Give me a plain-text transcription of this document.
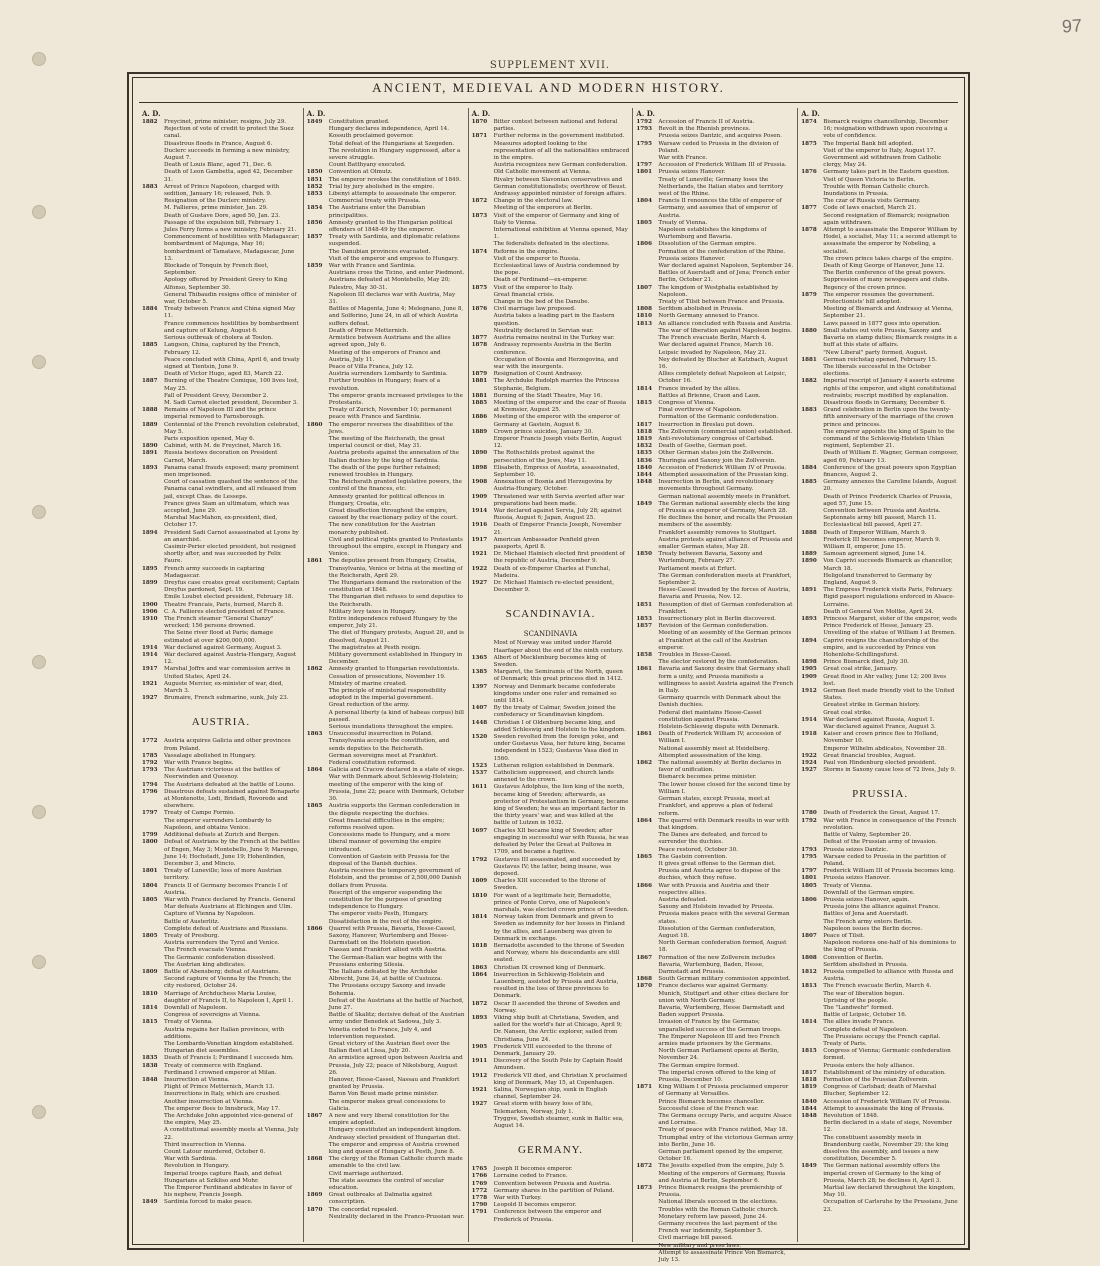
97
SUPPLEMENT XVII.
ANCIENT, MEDIEVAL AND MODERN HISTORY.
A. D.
1882	Freycinet, prime minister; resigns, July 29.
Rejection of vote of credit to protect the Suez canal.
Disastrous floods in France, August 6.
Duclerc succeeds in forming a new ministry, August 7.
Death of Louis Blanc, aged 71, Dec. 6.
Death of Leon Gambetta, aged 42, December 31.
1883	Arrest of Prince Napoleon, charged with sedition, January 16; released, Feb. 9.
Resignation of the Duclerc ministry.
M. Fallieres, prime minister, Jan. 29.
Death of Gustave Dore, aged 50, Jan. 23.
Passage of the expulsion bill, February 1.
Jules Ferry forms a new ministry, February 21.
Commencement of hostilities with Madagascar; bombardment of Majunga, May 16; bombardment of Tamatave, Madagascar, June 13.
Blockade of Tonquin by French fleet, September.
Apology offered by President Grevy to King Alfonso, September 30.
General Thibaudin resigns office of minister of war, October 5.
1884	Treaty between France and China signed May 11.
France commences hostilities by bombardment and capture of Kelung, August 6.
Serious outbreak of cholera at Toulon.
1885	Langson, China, captured by the French, February 12.
Peace concluded with China, April 6, and treaty signed at Tientsin, June 9.
Death of Victor Hugo, aged 83, March 22.
1887	Burning of the Theatre Comique, 100 lives lost, May 25.
Fall of President Grevy, December 2.
M. Sadi Carnot elected president, December 3.
1888	Remains of Napoleon III and the prince imperial removed to Farnsborough.
1889	Centennial of the French revolution celebrated, May 5.
Paris exposition opened, May 6.
1890	Cabinet, with M. de Freycinet, March 16.
1891	Russia bestows decoration on President Carnot, March.
1893	Panama canal frauds exposed; many prominent men imprisoned.
Court of cassation quashed the sentence of the Panama canal swindlers, and all released from jail, except Chas. de Lesseps.
France gives Siam an ultimatum, which was accepted, June 29.
Marshal MacMahon, ex-president, died, October 17.
1894	President Sadi Carnot assassinated at Lyons by an anarchist.
Casimir-Perier elected president, but resigned shortly after, and was succeeded by Felix Faure.
1895	French army succeeds in capturing Madagascar.
1899	Dreyfus case creates great excitement; Captain Dreyfus pardoned, Sept. 19.
Emile Loubet elected president, February 18.
1900	Theatre Francais, Paris, burned, March 8.
1906	C. A. Fallieres elected president of France.
1910	The French steamer "General Chanzy" wrecked; 156 persons drowned.
The Seine river flood at Paris; damage estimated at over $200,000,000.
1914	War declared against Germany, August 3.
1914	War declared against Austria-Hungary, August 12.
1917	Marshal Joffre and war commission arrive in United States, April 24.
1921	Auguste Mercier, ex-minister of war, died, March 3.
1927	Brumaire, French submarine, sunk, July 23.
AUSTRIA.
1772	Austria acquires Galicia and other provinces from Poland.
1785	Vassalage abolished in Hungary.
1792	War with France begins.
1793	The Austrians victorious at the battles of Neerwinden and Quesnoy.
1794	The Austrians defeated at the battle of Louno.
1796	Disastrous defeats sustained against Bonaparte at Montenotte, Lodi, Bridadi, Rovoredo and elsewhere.
1797	Treaty of Campo Formio.
The emperor surrenders Lombardy to Napoleon, and obtains Venice.
1799	Additional defeats at Zurich and Bergen.
1800	Defeat of Austrians by the French at the battles of Engen, May 3; Montebello, June 9; Marengo, June 14; Hochstadt, June 19; Hohenlinden, December 3, and Mincio.
1801	Treaty of Luneville; loss of more Austrian territory.
1804	Francis II of Germany becomes Francis I of Austria.
1805	War with France declared by Francis. General Mar defeats Austrians at Elchingen and Ulm.
Capture of Vienna by Napoleon.
Battle of Austerlitz.
Complete defeat of Austrians and Russians.
1805	Treaty of Presburg.
Austria surrenders the Tyrol and Venice.
The French evacuate Vienna.
The Germanic confederation dissolved.
The Austrian king abdicates.
1809	Battle of Abensberg; defeat of Austrians.
Second capture of Vienna by the French; the city restored, October 24.
1810	Marriage of Archduchess Maria Louise, daughter of Francis II, to Napoleon I, April 1.
1814	Downfall of Napoleon.
Congress of sovereigns at Vienna.
1815	Treaty of Vienna.
Austria regains her Italian provinces, with additions.
The Lombardo-Venetian kingdom established.
Hungarian diet assembles.
1835	Death of Francis I; Ferdinand I succeeds him.
1838	Treaty of commerce with England.
Ferdinand I crowned emperor at Milan.
1848	Insurrection at Vienna.
Flight of Prince Metternich, March 13.
Insurrections in Italy, which are crushed.
Another insurrection at Vienna.
The emperor flees to Innsbruck, May 17.
The Archduke John appointed vice-general of the empire, May 25.
A constitutional assembly meets at Vienna, July 22.
Third insurrection in Vienna.
Count Latour murdered, October 6.
War with Sardinia.
Revolution in Hungary.
Imperial troops capture Raab, and defeat Hungarians at Szikliso and Mohr.
The Emperor Ferdinand abdicates in favor of his nephew, Francis Joseph.
1849	Sardinia forced to make peace.
A. D.
1849	Constitution granted.
Hungary declares independence, April 14.
Kossuth proclaimed governor.
Total defeat of the Hungarians at Szegeden.
The revolution in Hungary suppressed, after a severe struggle.
Count Batthyany executed.
1850	Convention at Olmutz.
1851	The emperor revokes the constitution of 1849.
1852	Trial by jury abolished in the empire.
1853	Libenyi attempts to assassinate the emperor.
Commercial treaty with Prussia.
1854	The Austrians enter the Danubian principalities.
1856	Amnesty granted to the Hungarian political offenders of 1848-49 by the emperor.
1857	Treaty with Sardinia, and diplomatic relations suspended.
The Danubian provinces evacuated.
Visit of the emperor and empress to Hungary.
1859	War with France and Sardinia.
Austrians cross the Ticino, and enter Piedmont.
Austrians defeated at Montebello, May 20; Palestro, May 30-31.
Napoleon III declares war with Austria, May 31.
Battles of Magenta, June 4; Melegnano, June 8, and Solferino, June 24, in all of which Austria suffers defeat.
Death of Prince Metternich.
Armistice between Austrians and the allies agreed upon, July 6.
Meeting of the emperors of France and Austria, July 11.
Peace of Villa Franca, July 12.
Austria surrenders Lombardy to Sardinia.
Further troubles in Hungary; fears of a revolution.
The emperor grants increased privileges to the Protestants.
Treaty of Zurich, November 10; permanent peace with France and Sardinia.
1860	The emperor reverses the disabilities of the Jews.
The meeting of the Reichsrath, the great imperial council or diet, May 31.
Austria protests against the annexation of the Italian duchies by the king of Sardinia.
The death of the pope further retained; renewed troubles in Hungary.
The Reichsrath granted legislative powers, the control of the finances, etc.
Amnesty granted for political offences in Hungary, Croatia, etc.
Great disaffection throughout the empire, caused by the reactionary policy of the court.
The new constitution for the Austrian monarchy published.
Civil and political rights granted to Protestants throughout the empire, except in Hungary and Venice.
1861	The deputies present from Hungary, Croatia, Transylvania, Venice or Istria at the meeting of the Reichsrath, April 29.
The Hungarians demand the restoration of the constitution of 1848.
The Hungarian diet refuses to send deputies to the Reichsrath.
Military levy taxes in Hungary.
Entire independence refused Hungary by the emperor, July 21.
The diet of Hungary protests, August 20, and is dissolved, August 21.
The magistrates at Pesth resign.
Military government established in Hungary in December.
1862	Amnesty granted to Hungarian revolutionists.
Cessation of prosecutions, November 19.
Ministry of marine created.
The principle of ministerial responsibility adopted in the imperial government.
Great reduction of the army.
A personal liberty (a kind of habeas corpus) bill passed.
Serious inundations throughout the empire.
1863	Unsuccessful insurrection in Poland.
Transylvania accepts the constitution, and sends deputies to the Reichsrath.
German sovereigns meet at Frankfort.
Federal constitution reformed.
1864	Galicia and Cracow declared in a state of siege.
War with Denmark about Schleswig-Holstein; meeting of the emperor with the king of Prussia, June 22; peace with Denmark, October 30.
1865	Austria supports the German confederation in the dispute respecting the duchies.
Great financial difficulties in the empire; reforms resolved upon.
Concessions made to Hungary, and a more liberal manner of governing the empire introduced.
Convention of Gastein with Prussia for the disposal of the Danish duchies.
Austria receives the temporary government of Holstein, and the promise of 2,500,000 Danish dollars from Prussia.
Rescript of the emperor suspending the constitution for the purpose of granting independence to Hungary.
The emperor visits Pesth, Hungary.
Dissatisfaction in the rest of the empire.
1866	Quarrel with Prussia, Bavaria, Hesse-Cassel, Saxony, Hanover, Wurtemberg and Hesse-Darmstadt on the Holstein question.
Nassau and Frankfort allied with Austria.
The German-Italian war begins with the Prussians entering Silesia.
The Italians defeated by the Archduke Albrecht, June 24, at battle of Custozza.
The Prussians occupy Saxony and invade Bohemia.
Defeat of the Austrians at the battle of Nachod, June 27.
Battle of Skalitz; decisive defeat of the Austrian army under Benedek at Sadowa, July 3.
Venetia ceded to France, July 4, and intervention requested.
Great victory of the Austrian fleet over the Italian fleet at Lissa, July 20.
An armistice agreed upon between Austria and Prussia, July 22; peace of Nikolsburg, August 26.
Hanover, Hesse-Cassel, Nassau and Frankfort granted by Prussia.
Baron Von Beust made prime minister.
The emperor makes great concessions to Galicia.
1867	A new and very liberal constitution for the empire adopted.
Hungary constituted an independent kingdom.
Andrassy elected president of Hungarian diet.
The emperor and empress of Austria crowned king and queen of Hungary at Pesth, June 8.
1868	The clergy of the Roman Catholic church made amenable to the civil law.
Civil marriage authorized.
The state assumes the control of secular education.
1869	Great outbreaks at Dalmatia against conscription.
1870	The concordat repealed.
Neutrality declared in the Franco-Prussian war.
A. D.
1870	Bitter contest between national and federal parties.
1871	Further reforms in the government instituted.
Measures adopted looking to the representation of all the nationalities embraced in the empire.
Austria recognizes new German confederation.
Old Catholic movement at Vienna.
Rivalry between Slavonian conservatives and German constitutionalists; overthrow of Beust.
Andrassy appointed minister of foreign affairs.
1872	Change in the electoral law.
Meeting of the emperors at Berlin.
1873	Visit of the emperor of Germany and king of Italy to Vienna.
International exhibition at Vienna opened, May 1.
The federalists defeated in the elections.
1874	Reforms in the empire.
Visit of the emperor to Russia.
Ecclesiastical laws of Austria condemned by the pope.
Death of Ferdinand—ex-emperor.
1875	Visit of the emperor to Italy.
Great financial crisis.
Change in the bed of the Danube.
1876	Civil marriage law proposed.
Austria takes a leading part in the Eastern question.
Neutrality declared in Servian war.
1877	Austria remains neutral in the Turkey war.
1878	Andrassy represents Austria in the Berlin conference.
Occupation of Bosnia and Herzegovina, and war with the insurgents.
1879	Resignation of Count Andrassy.
1881	The Archduke Rudolph marries the Princess Stephanie, Belgium.
1881	Burning of the Stadt Theatre, May 16.
1885	Meeting of the emperor and the czar of Russia at Kremsier, August 25.
1886	Meeting of the emperor with the emperor of Germany at Gastein, August 6.
1889	Crown prince suicides, January 30.
Emperor Francis Joseph visits Berlin, August 12.
1890	The Rothschilds protest against the persecution of the Jews, May 11.
1898	Elisabeth, Empress of Austria, assassinated, September 10.
1908	Annexation of Bosnia and Herzegovina by Austria-Hungary, October.
1909	Threatened war with Servia averted after war preparations had been made.
1914	War declared against Servia, July 28; against Russia, August 6; Japan, August 25.
1916	Death of Emperor Francis Joseph, November 21.
1917	American Ambassador Penfield given passports, April 8.
1921	Dr. Michael Hainisch elected first president of the republic of Austria, December 9.
1922	Death of ex-Emperor Charles at Funchal, Madeira.
1927	Dr. Michael Hainisch re-elected president, December 9.
SCANDINAVIA.
SCANDINAVIA
Most of Norway was united under Harold Haarfager about the end of the ninth century.
1365	Albert of Mecklenburg becomes king of Sweden.
1385	Margaret, the Semiramis of the North, queen of Denmark; this great princess died in 1412.
1397	Norway and Denmark became confederate kingdoms under one ruler and remained so until 1814.
1407	By the treaty of Calmar, Sweden joined the confederacy or Scandinavian kingdom.
1448	Christian I of Oldenburg became king, and added Schleswig and Holstein to the kingdom.
1520	Sweden revolted from the foreign yoke, and under Gustavus Vasa, her future king, became independent in 1523; Gustavus Vasa died in 1560.
1523	Lutheran religion established in Denmark.
1537	Catholicism suppressed, and church lands annexed to the crown.
1611	Gustavus Adolphus, the lion king of the north, became king of Sweden; afterwards, as protector of Protestantism in Germany, became king of Sweden; he was an important factor in the thirty years' war, and was killed at the battle of Lutzen in 1632.
1697	Charles XII became king of Sweden; after engaging in successful war with Russia, he was defeated by Peter the Great at Pultowa in 1709, and became a fugitive.
1792	Gustavus III assassinated, and succeeded by Gustavus IV; the latter, being insane, was deposed.
1809	Charles XIII succeeded to the throne of Sweden.
1810	For want of a legitimate heir, Bernadotte, prince of Ponte Corvo, one of Napoleon's marshals, was elected crown prince of Sweden.
1814	Norway taken from Denmark and given to Sweden as indemnity for her losses in Finland by the allies, and Lauenberg was given to Denmark in exchange.
1818	Bernadotte ascended to the throne of Sweden and Norway, where his descendants are still seated.
1863	Christian IX crowned king of Denmark.
1864	Insurrection in Schleswig-Holstein and Lauenberg, assisted by Prussia and Austria, resulted in the loss of three provinces to Denmark.
1872	Oscar II ascended the throne of Sweden and Norway.
1893	Viking ship built at Christiana, Sweden, and sailed for the world's fair at Chicago, April 9; Dr. Nansen, the Arctic explorer, sailed from Christiana, June 24.
1905	Frederick VIII succeeded to the throne of Denmark, January 29.
1911	Discovery of the South Pole by Captain Roald Amundsen.
1912	Frederick VII died, and Christian X proclaimed king of Denmark, May 15, at Copenhagen.
1921	Salina, Norwegian ship, sunk in English channel, September 24.
1927	Great storm with heavy loss of life, Telemarken, Norway, July 1.
Tryggve, Swedish steamer, sunk in Baltic sea, August 14.
GERMANY.
1765	Joseph II becomes emperor.
1766	Lorraine ceded to France.
1769	Convention between Prussia and Austria.
1772	Germany shares in the partition of Poland.
1778	War with Turkey.
1790	Leopold II becomes emperor.
1791	Conference between the emperor and Frederick of Prussia.
A. D.
1792	Accession of Francis II of Austria.
1793	Revolt in the Rhenish provinces.
Prussia seizes Dantzic, and acquires Posen.
1795	Warsaw ceded to Prussia in the division of Poland.
War with France.
1797	Accession of Frederick William III of Prussia.
1801	Prussia seizes Hanover.
Treaty of Luneville; Germany loses the Netherlands, the Italian states and territory west of the Rhine.
1804	Francis II renounces the title of emperor of Germany, and assumes that of emperor of Austria.
1805	Treaty of Vienna.
Napoleon establishes the kingdoms of Wurtemburg and Bavaria.
1806	Dissolution of the German empire.
Formation of the confederation of the Rhine.
Prussia seizes Hanover.
War declared against Napoleon, September 24.
Battles of Auerstadt and of Jena; French enter Berlin, October 21.
1807	The kingdom of Westphalia established by Napoleon.
Treaty of Tilsit between France and Prussia.
1808	Serfdom abolished in Prussia.
1810	North Germany annexed to France.
1813	An alliance concluded with Russia and Austria.
The war of liberation against Napoleon begins.
The French evacuate Berlin, March 4.
War declared against France, March 16.
Leipsic invaded by Napoleon, May 21.
Ney defeated by Blucher at Katzbach, August 16.
Allies completely defeat Napoleon at Leipsic, October 16.
1814	France invaded by the allies.
Battles at Brienne, Craon and Laon.
1815	Congress of Vienna.
Final overthrow of Napoleon.
Formation of the Germanic confederation.
1817	Insurrection in Breslau put down.
1818	The Zollverein (commercial union) established.
1819	Anti-revolutionary congress of Carlsbad.
1832	Death of Goethe, German poet.
1835	Other German states join the Zollverein.
1836	Thuringia and Saxony join the Zollverein.
1840	Accession of Frederick William IV of Prussia.
1844	Attempted assassination of the Prussian king.
1848	Insurrection in Berlin, and revolutionary movements throughout Germany.
German national assembly meets in Frankfort.
1849	The German national assembly elects the king of Prussia as emperor of Germany, March 28.
He declines the honor, and recalls the Prussian members of the assembly.
Frankfort assembly removes to Stuttgart.
Austria protests against alliance of Prussia and smaller German states, May 28.
1850	Treaty between Bavaria, Saxony and Wurtemburg, February 27.
Parliament meets at Erfurt.
The German confederation meets at Frankfort, September 2.
Hesse-Cassel invaded by the forces of Austria, Bavaria and Prussia, Nov. 12.
1851	Resumption of diet of German confederation at Frankfort.
1853	Insurrectionary plot in Berlin discovered.
1857	Revision of the German confederation.
Meeting of an assembly of the German princes at Frankfort at the call of the Austrian emperor.
1858	Troubles in Hesse-Cassel.
The elector restored by the confederation.
1861	Bavaria and Saxony desire that Germany shall form a unity, and Prussia manifests a willingness to assist Austria against the French in Italy.
Germany quarrels with Denmark about the Danish duchies.
Federal diet maintains Hesse-Cassel constitution against Prussia.
Holstein-Schleswig dispute with Denmark.
1861	Death of Frederick William IV; accession of William I.
National assembly meet at Heidelberg.
Attempted assassination of the king.
1862	The national assembly at Berlin declares in favor of unification.
Bismarck becomes prime minister.
The lower house closed for the second time by William I.
German states, except Prussia, meet at Frankfort, and approve a plan of federal reform.
1864	The quarrel with Denmark results in war with that kingdom.
The Danes are defeated, and forced to surrender the duchies.
Peace restored, October 30.
1865	The Gastein convention.
It gives great offense to the German diet.
Prussia and Austria agree to dispose of the duchies, which they refuse.
1866	War with Prussia and Austria and their respective allies.
Austria defeated.
Saxony and Holstein invaded by Prussia.
Prussia makes peace with the several German states.
Dissolution of the German confederation, August 18.
North German confederation formed, August 18.
1867	Formation of the new Zollverein includes Bavaria, Wurtemburg, Baden, Hesse, Darmstadt and Prussia.
1868	South German military commission appointed.
1870	France declares war against Germany.
Munich, Stuttgart and other cities declare for union with North Germany.
Bavaria, Wurtemberg, Hesse Darmstadt and Baden support Prussia.
Invasion of France by the Germans; unparalleled success of the German troops.
The Emperor Napoleon III and two French armies made prisoners by the Germans.
North German Parliament opens at Berlin, November 24.
The German empire formed.
The imperial crown offered to the king of Prussia, December 10.
1871	King William I of Prussia proclaimed emperor of Germany at Versailles.
Prince Bismarck becomes chancellor.
Successful close of the French war.
The Germans occupy Paris, and acquire Alsace and Lorraine.
Treaty of peace with France ratified, May 18.
Triumphal entry of the victorious German army into Berlin, June 16.
German parliament opened by the emperor, October 16.
1872	The Jesuits expelled from the empire, July 5.
Meeting of the emperors of Germany, Russia and Austria at Berlin, September 6.
1873	Prince Bismarck resigns the premiership of Prussia.
National liberals succeed in the elections.
Troubles with the Roman Catholic church.
Monetary reform law passed, June 24.
Germany receives the last payment of the French war indemnity, September 5.
Civil marriage bill passed.
New military and press laws.
Attempt to assassinate Prince Von Bismarck, July 13.
A. D.
1874	Bismarck resigns chancellorship, December 16; resignation withdrawn upon receiving a vote of confidence.
1875	The Imperial Bank bill adopted.
Visit of the emperor to Italy, August 17.
Government aid withdrawn from Catholic clergy, May 24.
1876	Germany takes part in the Eastern question.
Visit of Queen Victoria to Berlin.
Trouble with Roman Catholic church.
Inundations in Prussia.
The czar of Russia visits Germany.
1877	Code of laws enacted, March 21.
Second resignation of Bismarck; resignation again withdrawn.
1878	Attempt to assassinate the Emperor William by Hodel, a socialist, May 11; a second attempt to assassinate the emperor by Nobeling, a socialist.
The crown prince takes charge of the empire.
Death of King George of Hanover, June 12.
The Berlin conference of the great powers.
Suppression of many newspapers and clubs.
Regency of the crown prince.
1879	The emperor resumes the government.
Protectionists' bill adopted.
Meeting of Bismarck and Andrassy at Vienna, September 21.
Laws passed in 1877 goes into operation.
1880	Small states out vote Prussia, Saxony and Bavaria on stamp duties; Bismarck resigns in a huff at this state of affairs.
"New Liberal" party formed, August.
1881	German reichstag opened, February 15.
The liberals successful in the October elections.
1882	Imperial rescript of January 4 asserts extreme rights of the emperor, and slight constitutional restraints; rescript modified by explanation.
Disastrous floods in Germany, December 6.
1883	Grand celebration in Berlin upon the twenty-fifth anniversary of the marriage of the crown prince and princess.
The emperor appoints the king of Spain to the command of the Schleswig-Holstein Uhlan regiment, September 21.
Death of William E. Wagner, German composer, aged 69, February 13.
1884	Conference of the great powers upon Egyptian finances, August 2.
1885	Germany annexes the Caroline Islands, August 20.
Death of Prince Frederick Charles of Prussia, aged 57, June 15.
Convention between Prussia and Austria.
Septennate army bill passed, March 11.
Ecclesiastical bill passed, April 27.
1888	Death of Emperor William, March 9.
Frederick III becomes emperor, March 9.
William II, emperor, June 15.
1889	Samoan agreement signed, June 14.
1890	Von Caprivi succeeds Bismarck as chancellor, March 18.
Heligoland transferred to Germany by England, August 9.
1891	The Empress Frederick visits Paris, February.
Rigid passport regulations enforced in Alsace-Lorraine.
Death of General Von Moltke, April 24.
1893	Princess Margaret, sister of the emperor, weds Prince Frederick of Hesse, January 25.
Unveiling of the statue of William I at Bremen.
1894	Caprivi resigns the chancellorship of the empire, and is succeeded by Prince von Hohenlohe-Schillingsfurst.
1898	Prince Bismarck died, July 30.
1905	Great coal strike, January.
1909	Great flood in Ahr valley, June 12; 200 lives lost.
1912	German fleet made friendly visit to the United States.
Greatest strike in German history.
Great coal strike.
1914	War declared against Russia, August 1.
War declared against France, August 3.
1918	Kaiser and crown prince flee to Holland, November 10.
Emperor Wilhelm abdicates, November 28.
1922	Great financial troubles, August.
1924	Paul von Hindenburg elected president.
1927	Storms in Saxony cause loss of 72 lives, July 9.
PRUSSIA.
1780	Death of Frederick the Great, August 17.
1792	War with France in consequence of the French revolution.
Battle of Valmy, September 20.
Defeat of the Prussian army of invasion.
1793	Prussia seizes Dantzic.
1795	Warsaw ceded to Prussia in the partition of Poland.
1797	Frederick William III of Prussia becomes king.
1801	Prussia seizes Hanover.
1805	Treaty of Vienna.
Downfall of the German empire.
1806	Prussia seizes Hanover, again.
Prussia joins the alliance against France.
Battles of Jena and Auerstadt.
The French army enters Berlin.
Napoleon issues the Berlin decree.
1807	Peace of Tilsit.
Napoleon restores one-half of his dominions to the king of Prussia.
1808	Convention of Berlin.
Serfdom abolished in Prussia.
1812	Prussia compelled to alliance with Russia and Austria.
1813	The French evacuate Berlin, March 4.
The war of liberation begun.
Uprising of the people.
The "Landwehr" formed.
Battle of Leipsic, October 16.
1814	The allies invade France.
Complete defeat of Napoleon.
The Prussians occupy the French capital.
Treaty of Paris.
1815	Congress of Vienna; Germanic confederation formed.
Prussia enters the holy alliance.
1817	Establishment of the ministry of education.
1818	Formation of the Prussian Zollverein.
1819	Congress of Carlsbad; death of Marshal Blucher, September 12.
1840	Accession of Frederick William IV of Prussia.
1844	Attempt to assassinate the king of Prussia.
1848	Revolution of 1848.
Berlin declared in a state of siege, November 12.
The constituent assembly meets in Brandenburg castle, November 29; the king dissolves the assembly, and issues a new constitution, December 5.
1849	The German national assembly offers the imperial crown of Germany to the king of Prussia, March 28; he declines it, April 3.
Martial law declared throughout the kingdom, May 10.
Occupation of Carlsruhe by the Prussians, June 23.
